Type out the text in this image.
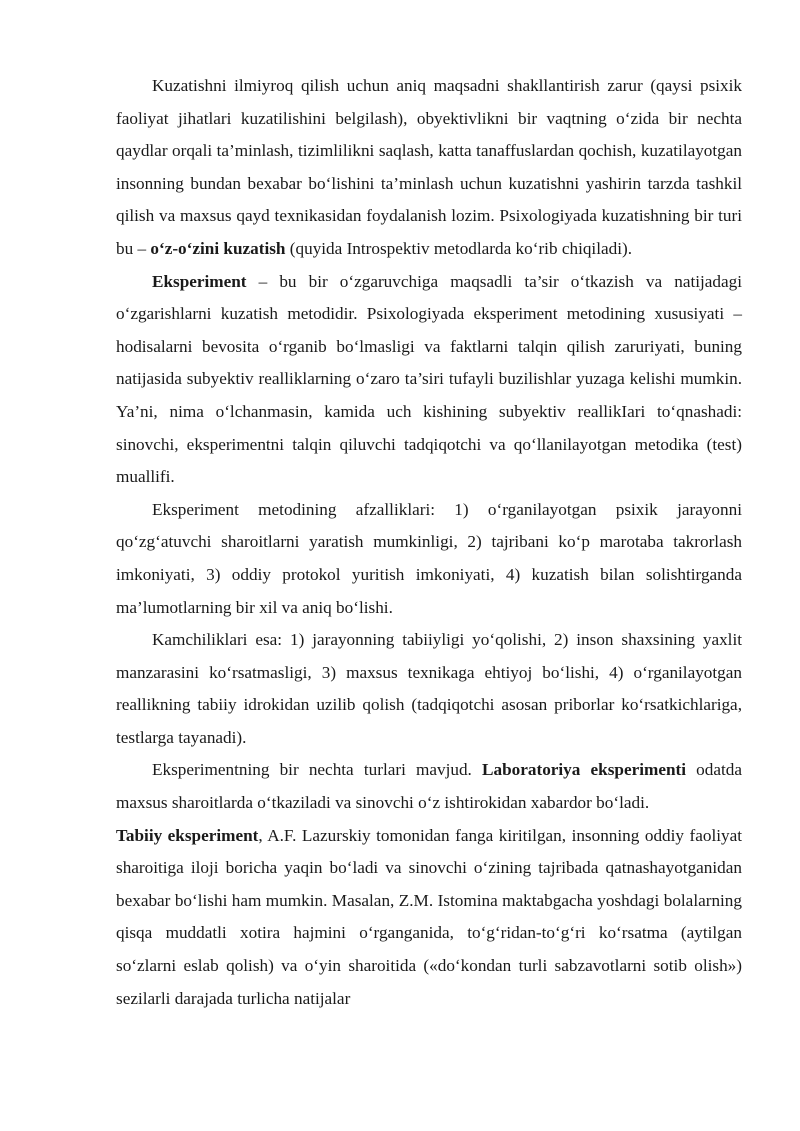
Kuzatishni ilmiyroq qilish uchun aniq maqsadni shakllantirish zarur (qaysi psixik faoliyat jihatlari kuzatilishini belgilash), obyektivlikni bir vaqtning o‘zida bir nechta qaydlar orqali ta’minlash, tizimlilikni saqlash, katta tanaffuslardan qochish, kuzatilayotgan insonning bundan bexabar bo‘lishini ta’minlash uchun kuzatishni yashirin tarzda tashkil qilish va maxsus qayd texnikasidan foydalanish lozim. Psixologiyada kuzatishning bir turi bu – o‘z-o‘zini kuzatish (quyida Introspektiv metodlarda ko‘rib chiqiladi).

Eksperiment – bu bir o‘zgaruvchiga maqsadli ta’sir o‘tkazish va natijadagi o‘zgarishlarni kuzatish metodidir. Psixologiyada eksperiment metodining xususiyati – hodisalarni bevosita o‘rganib bo‘lmasligi va faktlarni talqin qilish zaruriyati, buning natijasida subyektiv realliklarning o‘zaro ta’siri tufayli buzilishlar yuzaga kelishi mumkin. Ya’ni, nima o‘lchanmasin, kamida uch kishining subyektiv reallikIari to‘qnashadi: sinovchi, eksperimentni talqin qiluvchi tadqiqotchi va qo‘llanilayotgan metodika (test) muallifi.

Eksperiment metodining afzalliklari: 1) o‘rganilayotgan psixik jarayonni qo‘zg‘atuvchi sharoitlarni yaratish mumkinligi, 2) tajribani ko‘p marotaba takrorlash imkoniyati, 3) oddiy protokol yuritish imkoniyati, 4) kuzatish bilan solishtirganda ma’lumotlarning bir xil va aniq bo‘lishi.

Kamchiliklari esa: 1) jarayonning tabiiyligi yo‘qolishi, 2) inson shaxsining yaxlit manzarasini ko‘rsatmasligi, 3) maxsus texnikaga ehtiyoj bo‘lishi, 4) o‘rganilayotgan reallikning tabiiy idrokidan uzilib qolish (tadqiqotchi asosan priborlar ko‘rsatkichlariga, testlarga tayanadi).

Eksperimentning bir nechta turlari mavjud. Laboratoriya eksperimenti odatda maxsus sharoitlarda o‘tkaziladi va sinovchi o‘z ishtirokidan xabardor bo‘ladi.

Tabiiy eksperiment, A.F. Lazurskiy tomonidan fanga kiritilgan, insonning oddiy faoliyat sharoitiga iloji boricha yaqin bo‘ladi va sinovchi o‘zining tajribada qatnashayotganidan bexabar bo‘lishi ham mumkin. Masalan, Z.M. Istomina maktabgacha yoshdagi bolalarning qisqa muddatli xotira hajmini o‘rganganida, to‘g‘ridan-to‘g‘ri ko‘rsatma (aytilgan so‘zlarni eslab qolish) va o‘yin sharoitida («do‘kondan turli sabzavotlarni sotib olish») sezilarli darajada turlicha natijalar
